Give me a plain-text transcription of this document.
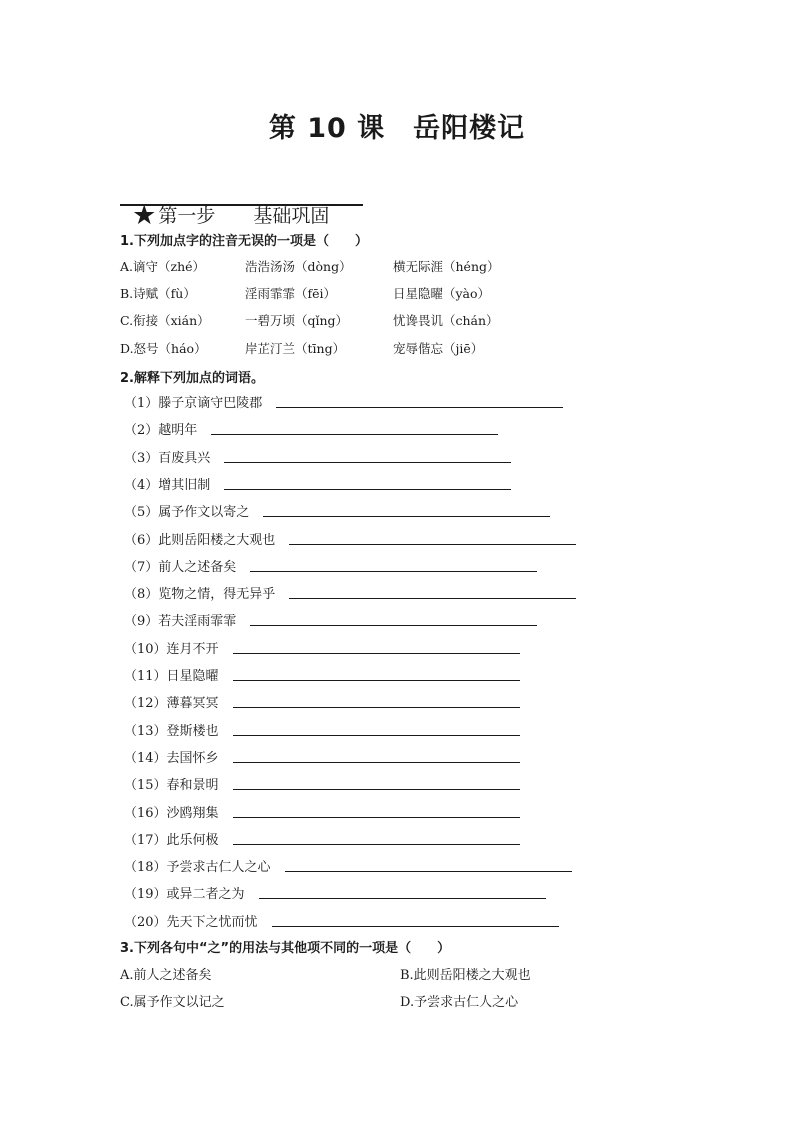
第 10 课　岳阳楼记

★ 第一步　　基础巩固

1.下列加点字的注音无误的一项是（　　）
A.谪守（zhé）	浩浩汤汤（dòng）	横无际涯（héng）
B.诗赋（fù）	淫雨霏霏（fēi）	日星隐曜（yào）
C.衔接（xián）	一碧万顷（qǐng）	忧谗畏讥（chán）
D.怒号（háo）	岸芷汀兰（tīng）	宠辱偕忘（jiē）
2.解释下列加点的词语。
（1）滕子京谪守巴陵郡
（2）越明年
（3）百废具兴
（4）增其旧制
（5）属予作文以寄之
（6）此则岳阳楼之大观也
（7）前人之述备矣
（8）览物之情，得无异乎
（9）若夫淫雨霏霏
（10）连月不开
（11）日星隐曜
（12）薄暮冥冥
（13）登斯楼也
（14）去国怀乡
（15）春和景明
（16）沙鸥翔集
（17）此乐何极
（18）予尝求古仁人之心
（19）或异二者之为
（20）先天下之忧而忧
3.下列各句中“之”的用法与其他项不同的一项是（　　）
A.前人之述备矣	B.此则岳阳楼之大观也
C.属予作文以记之	D.予尝求古仁人之心
